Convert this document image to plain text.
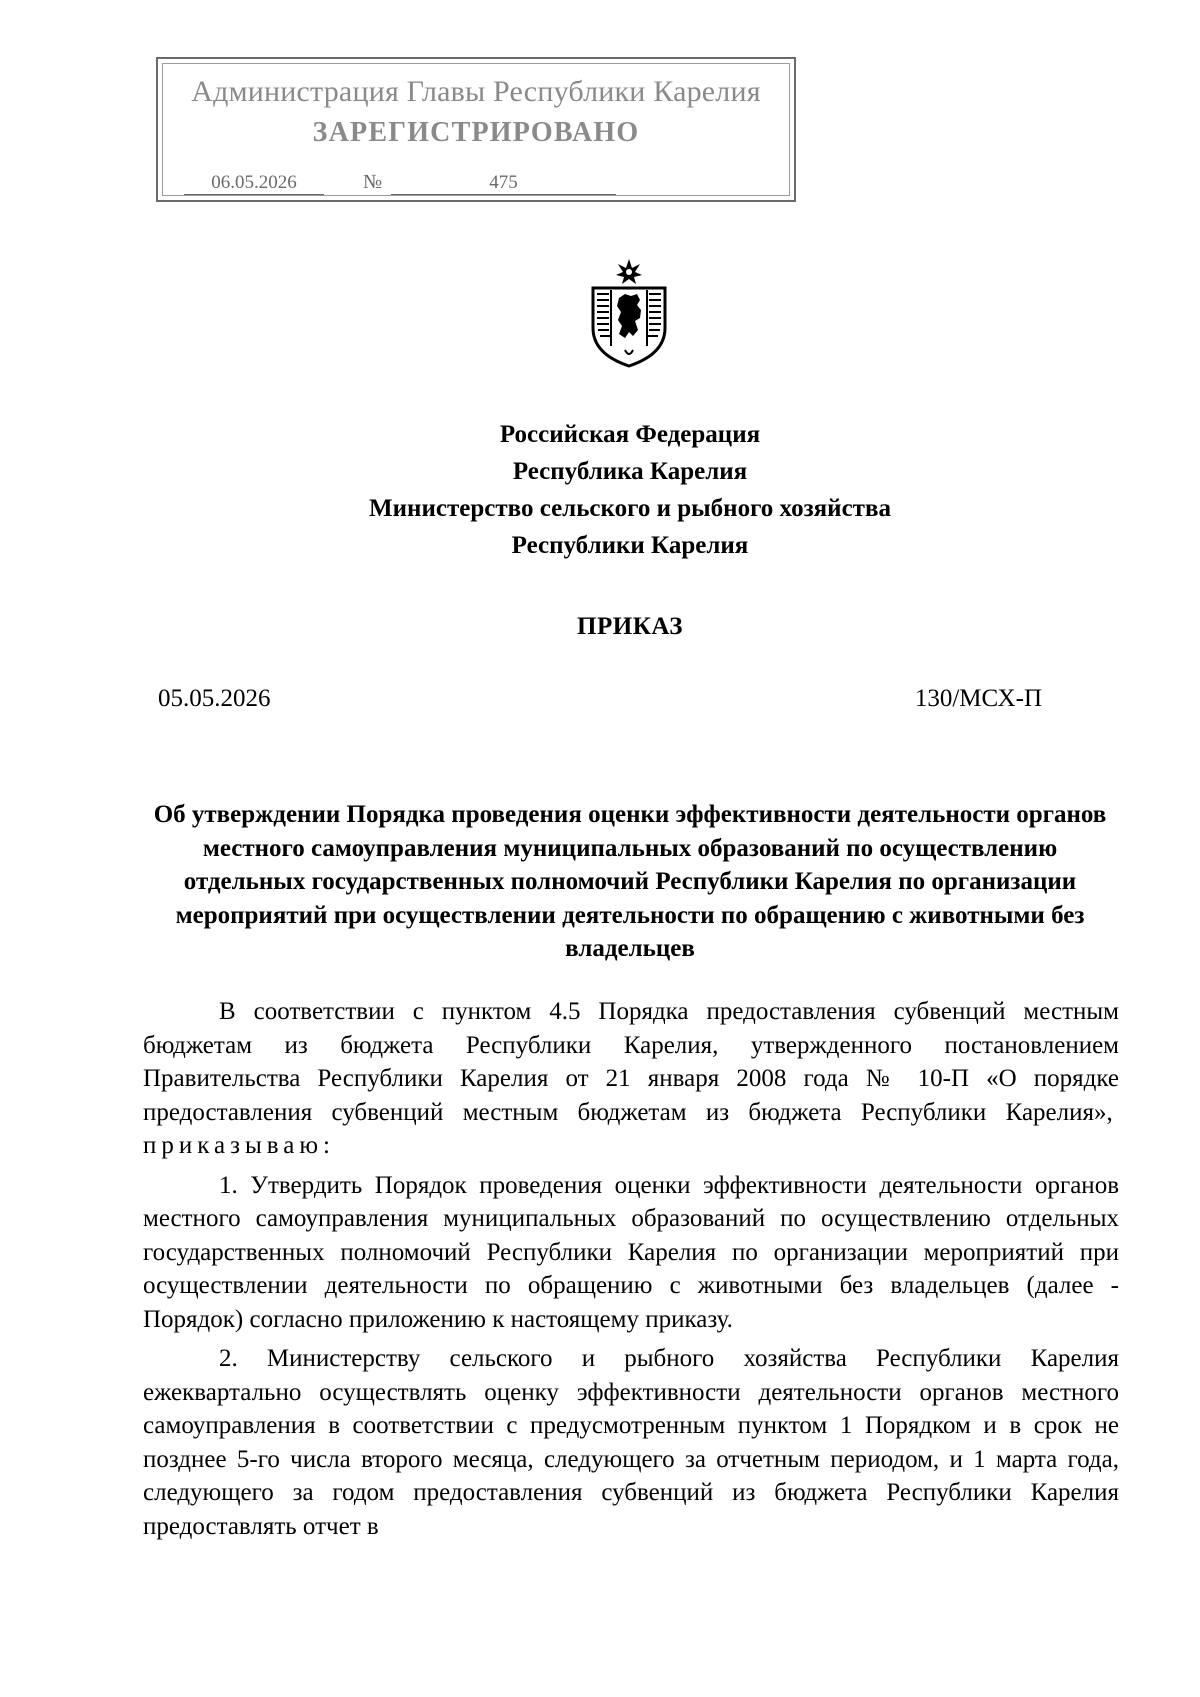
Администрация Главы Республики Карелия
ЗАРЕГИСТРИРОВАНО
06.05.2026	№	475
Российская Федерация
Республика Карелия
Министерство сельского и рыбного хозяйства
Республики Карелия
ПРИКАЗ
05.05.2026	130/МСХ-П
Об утверждении Порядка проведения оценки эффективности деятельности органов местного самоуправления муниципальных образований по осуществлению отдельных государственных полномочий Республики Карелия по организации мероприятий при осуществлении деятельности по обращению с животными без владельцев

В соответствии с пунктом 4.5 Порядка предоставления субвенций местным бюджетам из бюджета Республики Карелия, утвержденного постановлением Правительства Республики Карелия от 21 января 2008 года № 10-П «О порядке предоставления субвенций местным бюджетам из бюджета Республики Карелия»,  приказываю:

1. Утвердить Порядок проведения оценки эффективности деятельности органов местного самоуправления муниципальных образований по осуществлению отдельных государственных полномочий Республики Карелия по организации мероприятий при осуществлении деятельности по обращению с животными без владельцев (далее - Порядок) согласно приложению к настоящему приказу.

2. Министерству сельского и рыбного хозяйства Республики Карелия ежеквартально осуществлять оценку эффективности деятельности органов местного самоуправления в соответствии с предусмотренным пунктом 1 Порядком и в срок не позднее 5-го числа второго месяца, следующего за отчетным периодом, и 1 марта года, следующего за годом предоставления субвенций из бюджета Республики Карелия предоставлять отчет в
